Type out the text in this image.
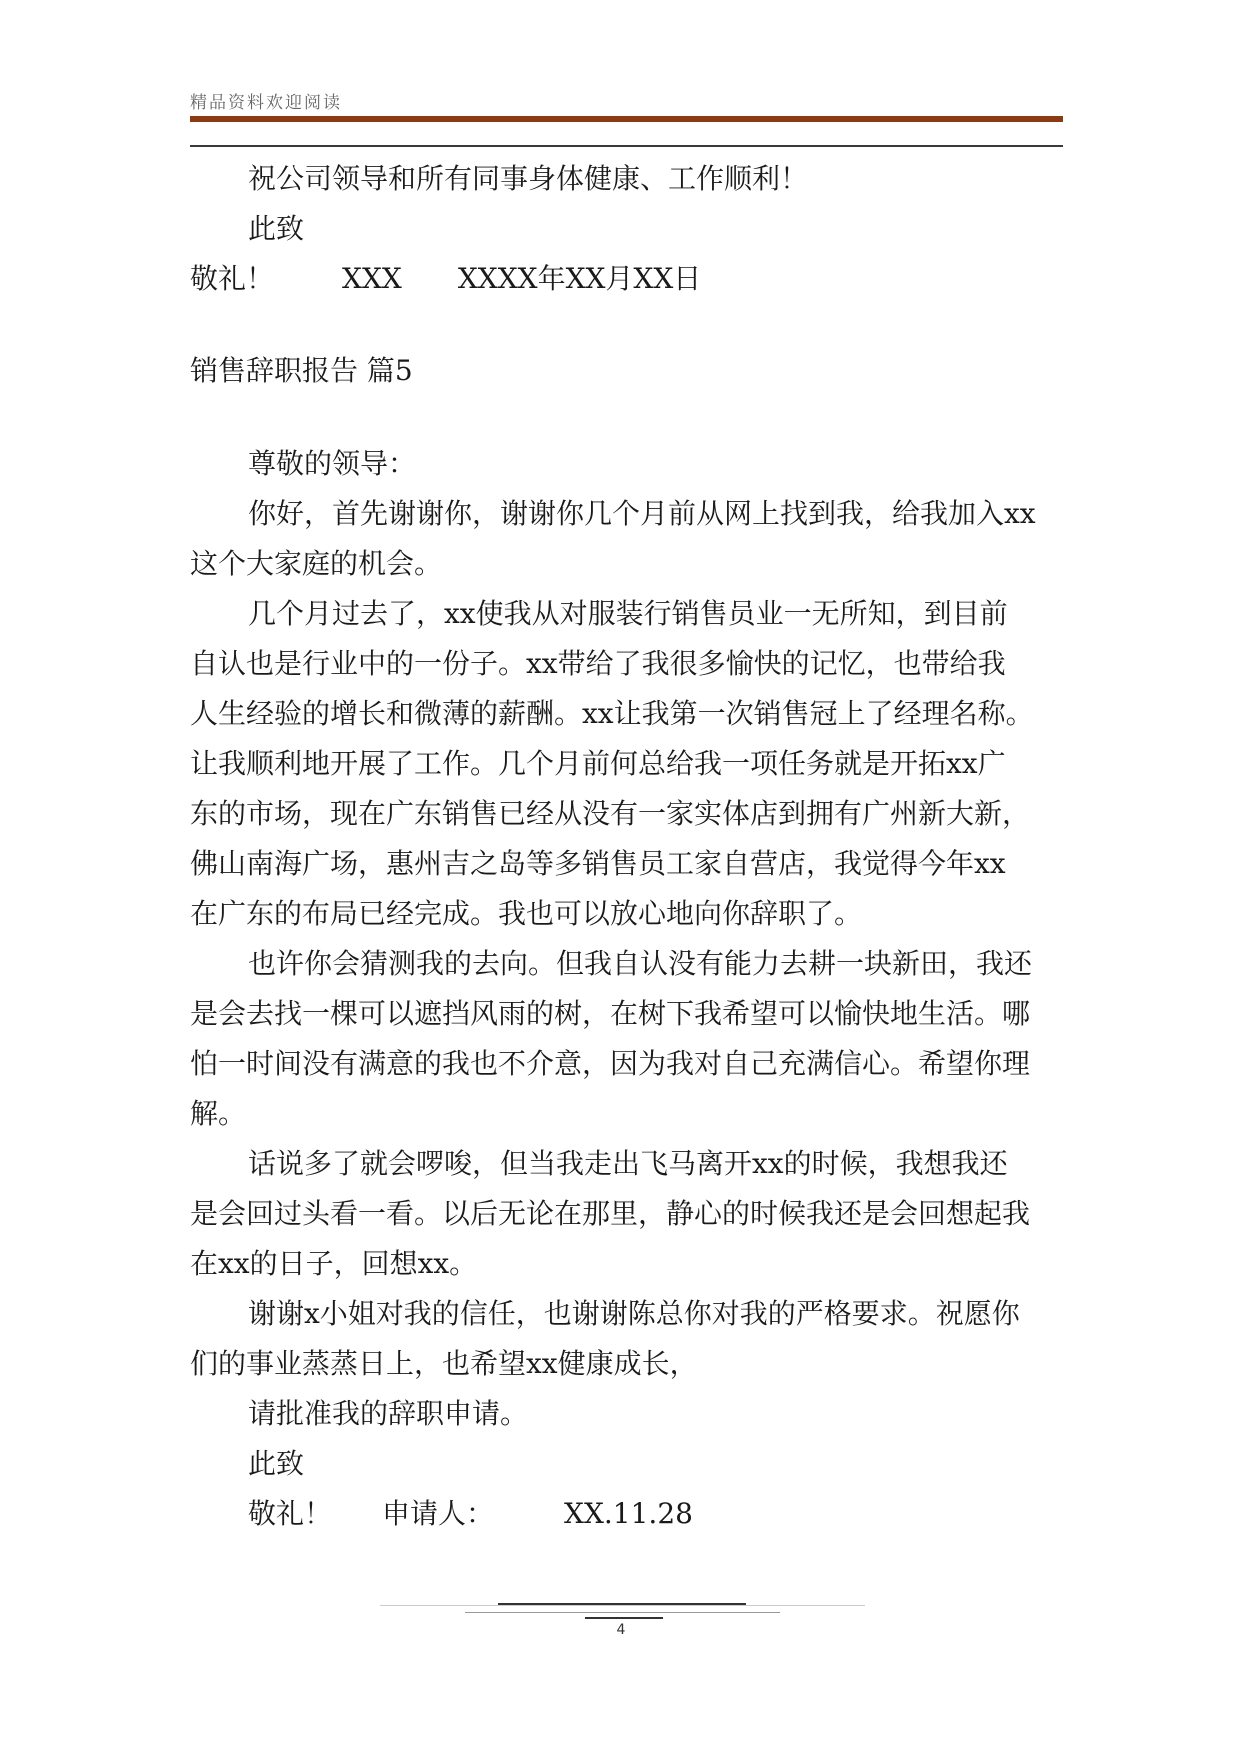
精品资料欢迎阅读
祝公司领导和所有同事身体健康、工作顺利！
此致
敬礼！ XXX XXXX年XX月XX日
销售辞职报告 篇5
尊敬的领导：
你好，首先谢谢你，谢谢你几个月前从网上找到我，给我加入xx
这个大家庭的机会。
几个月过去了，xx使我从对服装行销售员业一无所知，到目前
自认也是行业中的一份子。xx带给了我很多愉快的记忆，也带给我
人生经验的增长和微薄的薪酬。xx让我第一次销售冠上了经理名称。
让我顺利地开展了工作。几个月前何总给我一项任务就是开拓xx广
东的市场，现在广东销售已经从没有一家实体店到拥有广州新大新，
佛山南海广场，惠州吉之岛等多销售员工家自营店，我觉得今年xx
在广东的布局已经完成。我也可以放心地向你辞职了。
也许你会猜测我的去向。但我自认没有能力去耕一块新田，我还
是会去找一棵可以遮挡风雨的树，在树下我希望可以愉快地生活。哪
怕一时间没有满意的我也不介意，因为我对自己充满信心。希望你理
解。
话说多了就会啰唆，但当我走出飞马离开xx的时候，我想我还
是会回过头看一看。以后无论在那里，静心的时候我还是会回想起我
在xx的日子，回想xx。
谢谢x小姐对我的信任，也谢谢陈总你对我的严格要求。祝愿你
们的事业蒸蒸日上，也希望xx健康成长，
请批准我的辞职申请。
此致
敬礼！ 申请人：	XX.11.28
4
